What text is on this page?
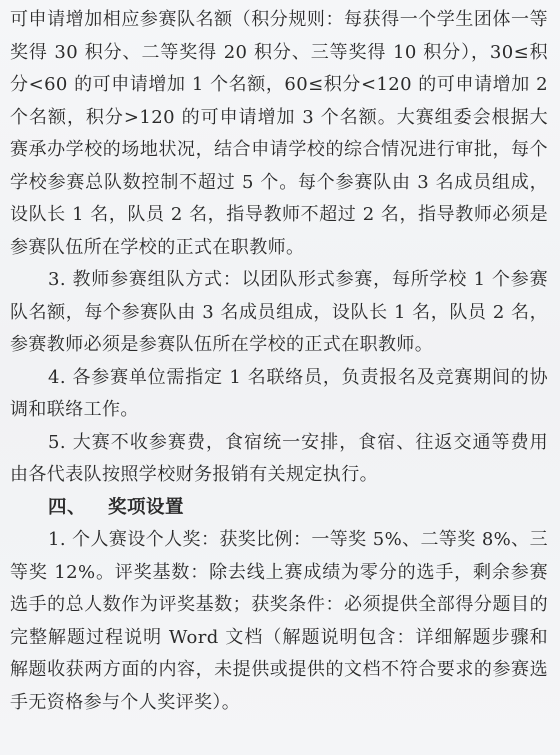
可申请增加相应参赛队名额（积分规则：每获得一个学生团体一等奖得 30 积分、二等奖得 20 积分、三等奖得 10 积分），30≤积分<60 的可申请增加 1 个名额，60≤积分<120 的可申请增加 2 个名额，积分>120 的可申请增加 3 个名额。大赛组委会根据大赛承办学校的场地状况，结合申请学校的综合情况进行审批，每个学校参赛总队数控制不超过 5 个。每个参赛队由 3 名成员组成，设队长 1 名，队员 2 名，指导教师不超过 2 名，指导教师必须是参赛队伍所在学校的正式在职教师。

3. 教师参赛组队方式：以团队形式参赛，每所学校 1 个参赛队名额，每个参赛队由 3 名成员组成，设队长 1 名，队员 2 名，参赛教师必须是参赛队伍所在学校的正式在职教师。

4. 各参赛单位需指定 1 名联络员，负责报名及竞赛期间的协调和联络工作。

5. 大赛不收参赛费，食宿统一安排，食宿、往返交通等费用由各代表队按照学校财务报销有关规定执行。

四、 奖项设置

1. 个人赛设个人奖：获奖比例：一等奖 5%、二等奖 8%、三等奖 12%。评奖基数：除去线上赛成绩为零分的选手，剩余参赛选手的总人数作为评奖基数；获奖条件：必须提供全部得分题目的完整解题过程说明 Word 文档（解题说明包含：详细解题步骤和解题收获两方面的内容，未提供或提供的文档不符合要求的参赛选手无资格参与个人奖评奖）。
